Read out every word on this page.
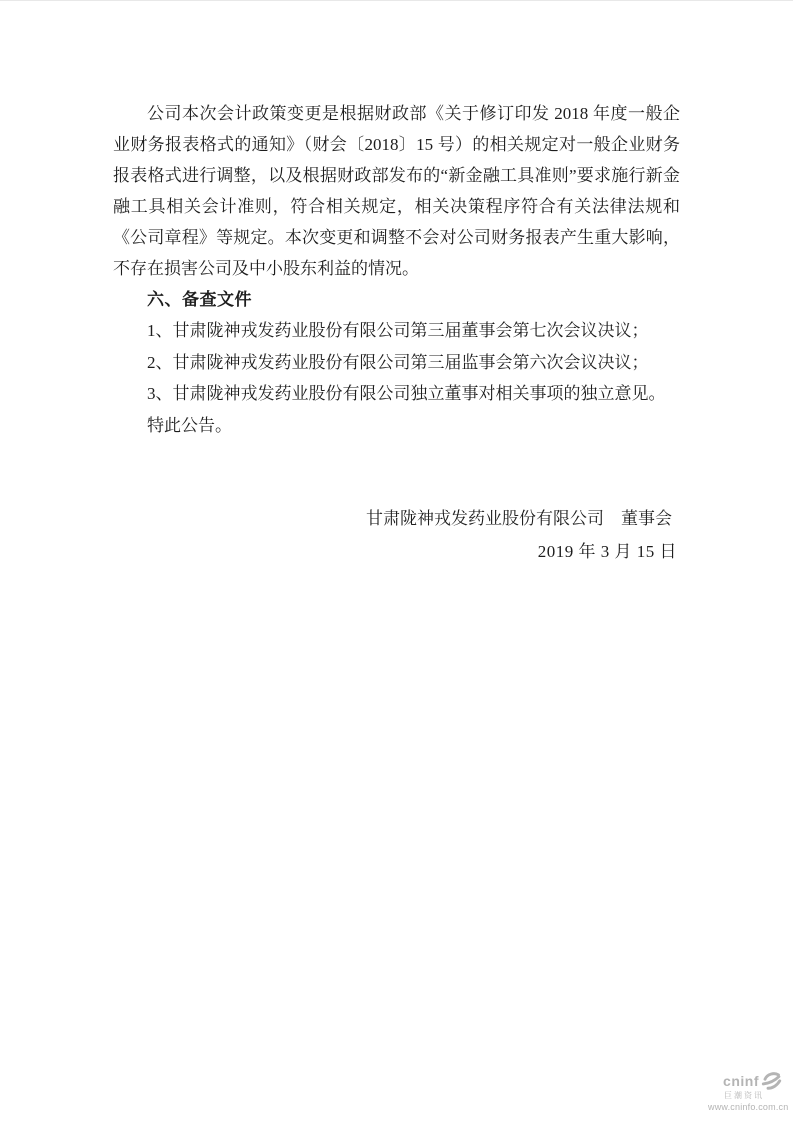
公司本次会计政策变更是根据财政部《关于修订印发 2018 年度一般企业财务报表格式的通知》（财会〔2018〕15 号）的相关规定对一般企业财务报表格式进行调整，以及根据财政部发布的“新金融工具准则”要求施行新金融工具相关会计准则，符合相关规定，相关决策程序符合有关法律法规和《公司章程》等规定。本次变更和调整不会对公司财务报表产生重大影响，不存在损害公司及中小股东利益的情况。

六、备查文件

1、甘肃陇神戎发药业股份有限公司第三届董事会第七次会议决议；

2、甘肃陇神戎发药业股份有限公司第三届监事会第六次会议决议；

3、甘肃陇神戎发药业股份有限公司独立董事对相关事项的独立意见。

特此公告。

甘肃陇神戎发药业股份有限公司　董事会

2019 年 3 月 15 日

cninf
巨潮资讯
www.cninfo.com.cn
